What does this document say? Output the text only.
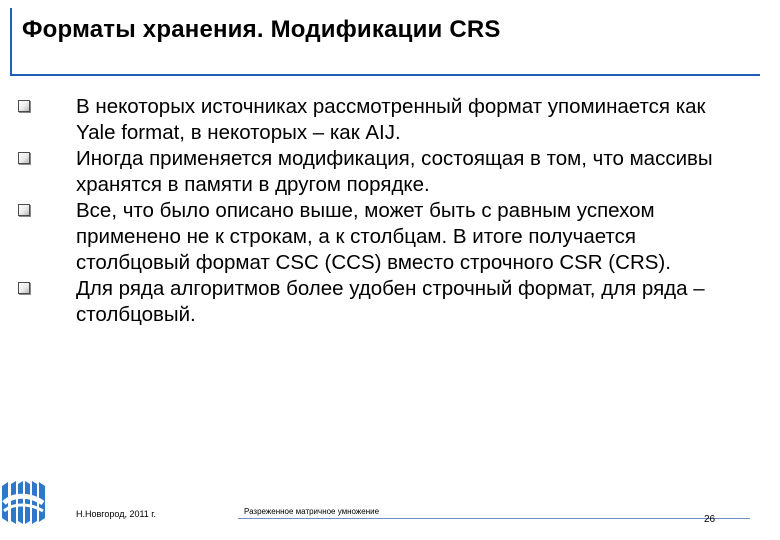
Форматы хранения. Модификации CRS
В некоторых источниках рассмотренный формат упоминается как Yale format, в некоторых – как AIJ.
Иногда применяется модификация, состоящая в том, что массивы хранятся в памяти в другом порядке.
Все, что было описано выше, может быть с равным успехом применено не к строкам, а к столбцам. В итоге получается столбцовый формат CSC (CCS) вместо строчного CSR (CRS).
Для ряда алгоритмов более удобен строчный формат, для ряда – столбцовый.
Н.Новгород, 2011 г.	Разреженное матричное умножение
26
